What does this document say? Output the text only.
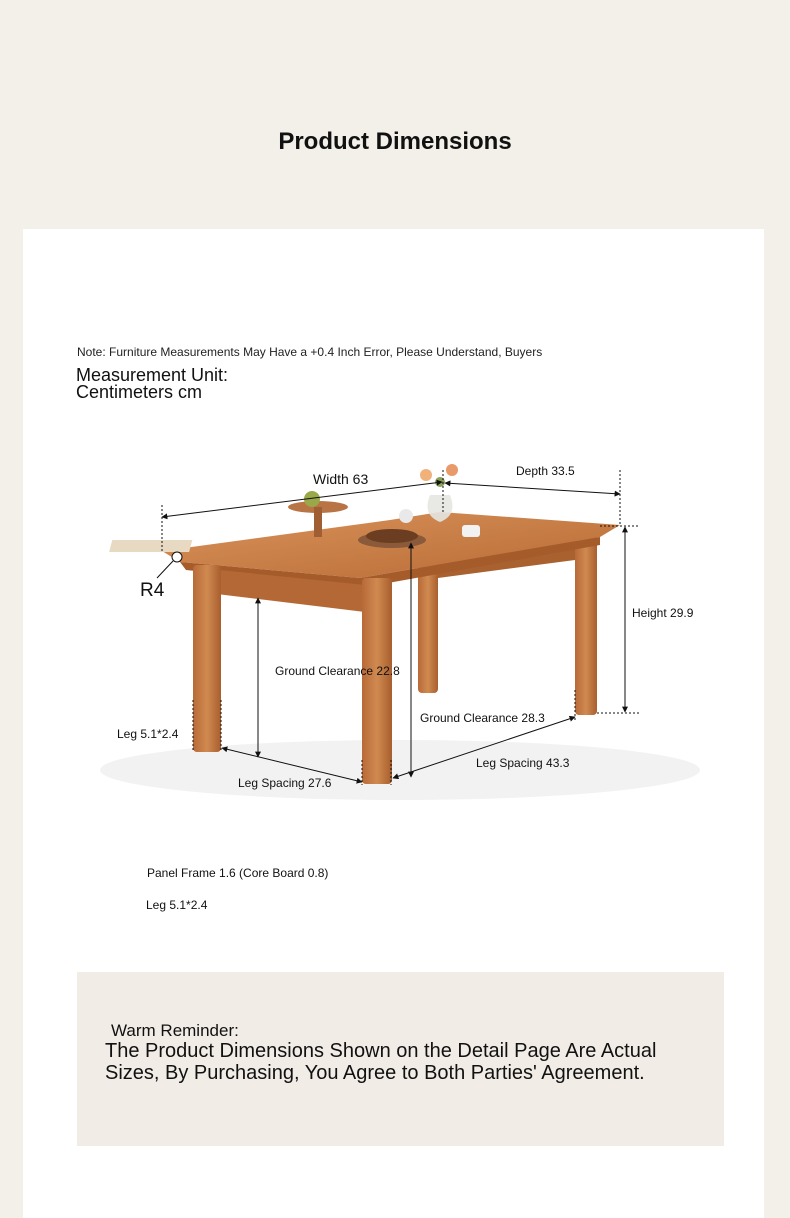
Product Dimensions
Note: Furniture Measurements May Have a +0.4 Inch Error, Please Understand, Buyers
Measurement Unit:
Centimeters cm
Width 63	Depth 33.5
Height 29.9
R4
Ground Clearance 22.8
Ground Clearance 28.3
Leg 5.1*2.4
Leg Spacing 27.6
Leg Spacing 43.3
Panel Frame 1.6 (Core Board 0.8)
Leg 5.1*2.4
Warm Reminder:
The Product Dimensions Shown on the Detail Page Are Actual Sizes, By Purchasing, You Agree to Both Parties' Agreement.
